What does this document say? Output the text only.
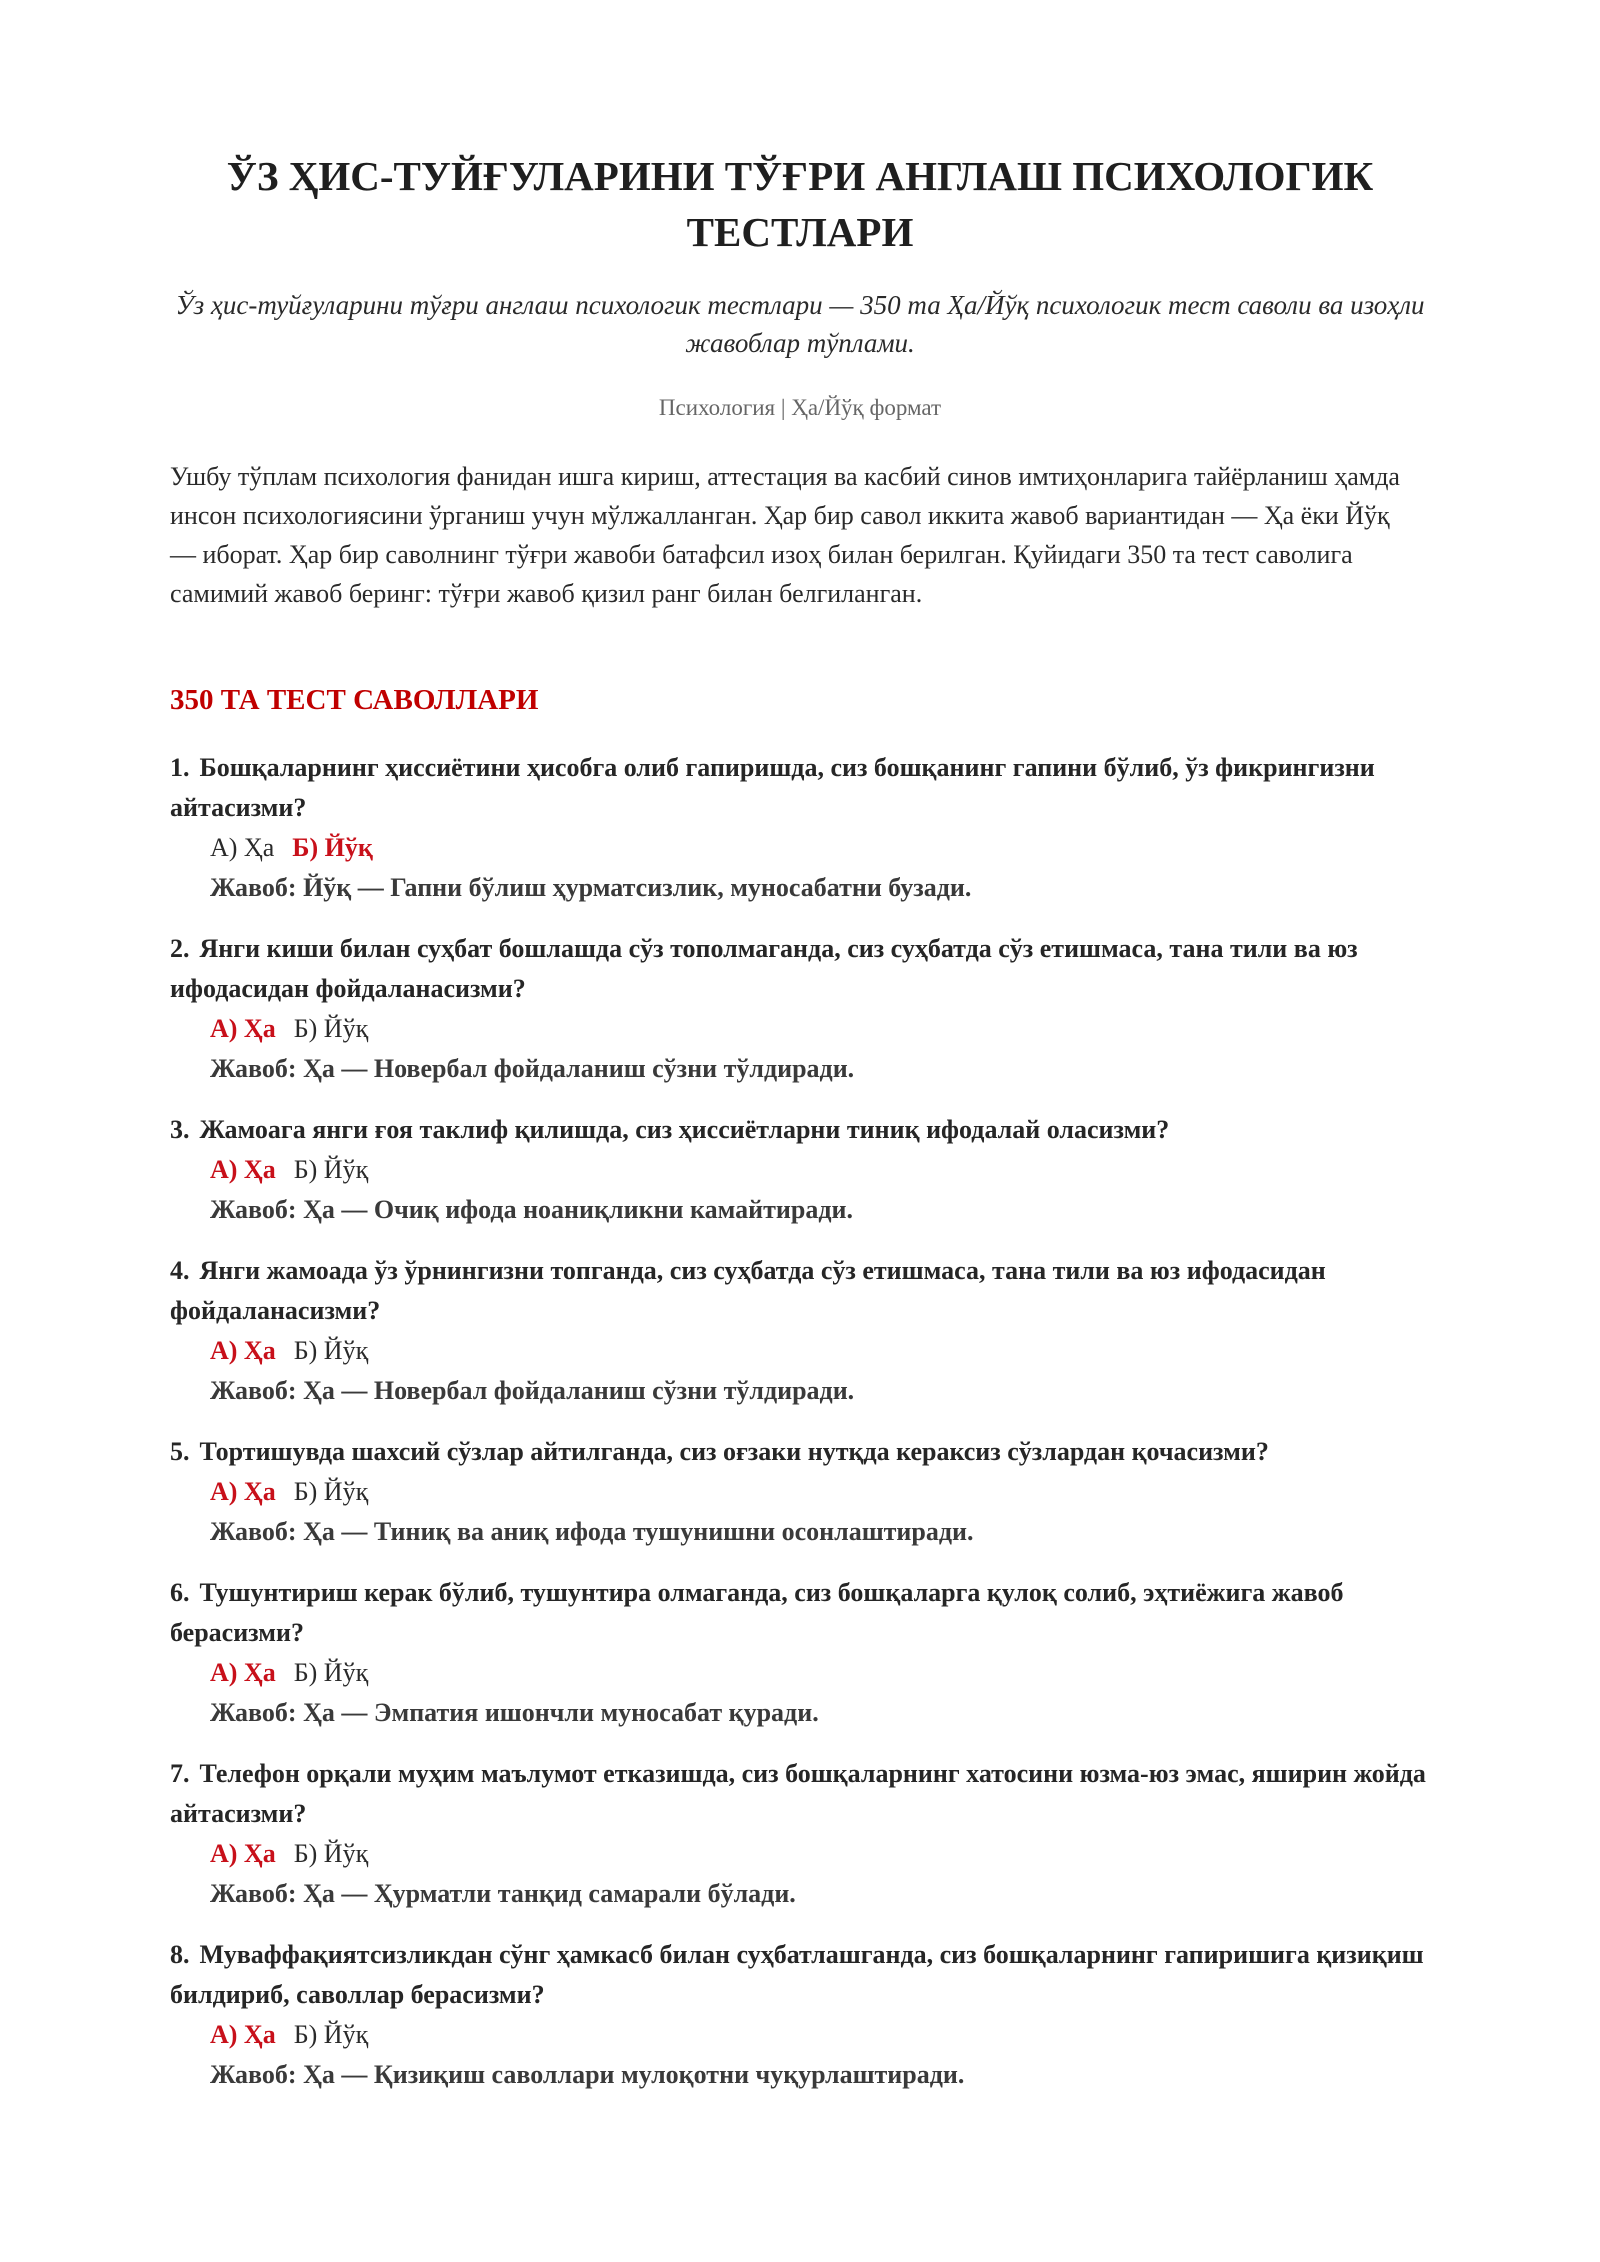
ЎЗ ҲИС-ТУЙҒУЛАРИНИ ТЎҒРИ АНГЛАШ ПСИХОЛОГИК ТЕСТЛАРИ

Ўз ҳис-туйғуларини тўғри англаш психологик тестлари — 350 та Ҳа/Йўқ психологик тест саволи ва изоҳли жавоблар тўплами.

Психология | Ҳа/Йўқ формат

Ушбу тўплам психология фанидан ишга кириш, аттестация ва касбий синов имтиҳонларига тайёрланиш ҳамда инсон психологиясини ўрганиш учун мўлжалланган. Ҳар бир савол иккита жавоб вариантидан — Ҳа ёки Йўқ — иборат. Ҳар бир саволнинг тўғри жавоби батафсил изоҳ билан берилган. Қуйидаги 350 та тест саволига самимий жавоб беринг: тўғри жавоб қизил ранг билан белгиланган.

350 ТА ТЕСТ САВОЛЛАРИ
1. Бошқаларнинг ҳиссиётини ҳисобга олиб гапиришда, сиз бошқанинг гапини бўлиб, ўз фикрингизни айтасизми?
А) Ҳа Б) Йўқ
Жавоб: Йўқ — Гапни бўлиш ҳурматсизлик, муносабатни бузади.
2. Янги киши билан суҳбат бошлашда сўз тополмаганда, сиз суҳбатда сўз етишмаса, тана тили ва юз ифодасидан фойдаланасизми?
А) Ҳа Б) Йўқ
Жавоб: Ҳа — Новербал фойдаланиш сўзни тўлдиради.
3. Жамоага янги ғоя таклиф қилишда, сиз ҳиссиётларни тиниқ ифодалай оласизми?
А) Ҳа Б) Йўқ
Жавоб: Ҳа — Очиқ ифода ноаниқликни камайтиради.
4. Янги жамоада ўз ўрнингизни топганда, сиз суҳбатда сўз етишмаса, тана тили ва юз ифодасидан фойдаланасизми?
А) Ҳа Б) Йўқ
Жавоб: Ҳа — Новербал фойдаланиш сўзни тўлдиради.
5. Тортишувда шахсий сўзлар айтилганда, сиз оғзаки нутқда кераксиз сўзлардан қочасизми?
А) Ҳа Б) Йўқ
Жавоб: Ҳа — Тиниқ ва аниқ ифода тушунишни осонлаштиради.
6. Тушунтириш керак бўлиб, тушунтира олмаганда, сиз бошқаларга қулоқ солиб, эҳтиёжига жавоб берасизми?
А) Ҳа Б) Йўқ
Жавоб: Ҳа — Эмпатия ишончли муносабат қуради.
7. Телефон орқали муҳим маълумот етказишда, сиз бошқаларнинг хатосини юзма-юз эмас, яширин жойда айтасизми?
А) Ҳа Б) Йўқ
Жавоб: Ҳа — Ҳурматли танқид самарали бўлади.
8. Муваффақиятсизликдан сўнг ҳамкасб билан суҳбатлашганда, сиз бошқаларнинг гапиришига қизиқиш билдириб, саволлар берасизми?
А) Ҳа Б) Йўқ
Жавоб: Ҳа — Қизиқиш саволлари мулоқотни чуқурлаштиради.
